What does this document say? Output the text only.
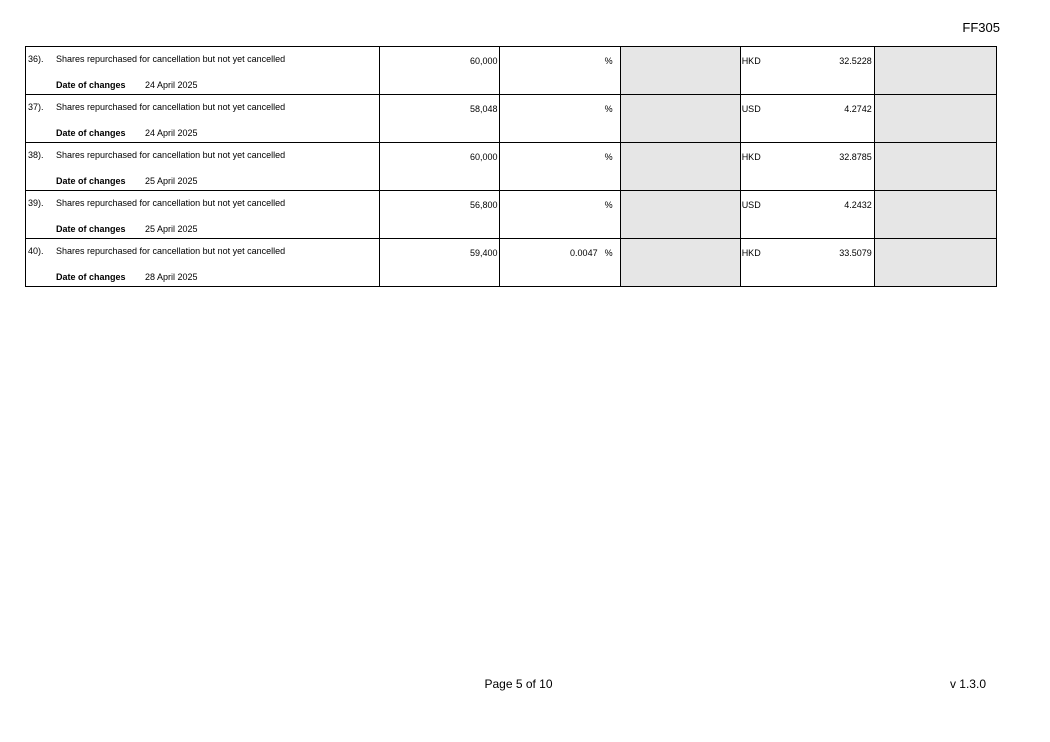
FF305
36). Shares repurchased for cancellation but not yet cancelled
Date of changes 24 April 2025	60,000	%		HKD 32.5228	

37). Shares repurchased for cancellation but not yet cancelled
Date of changes 24 April 2025	58,048	%		USD 4.2742	

38). Shares repurchased for cancellation but not yet cancelled
Date of changes 25 April 2025	60,000	%		HKD 32.8785	

39). Shares repurchased for cancellation but not yet cancelled
Date of changes 25 April 2025	56,800	%		USD 4.2432	

40). Shares repurchased for cancellation but not yet cancelled
Date of changes 28 April 2025	59,400	0.0047 %		HKD 33.5079	

Page 5 of 10	v 1.3.0
